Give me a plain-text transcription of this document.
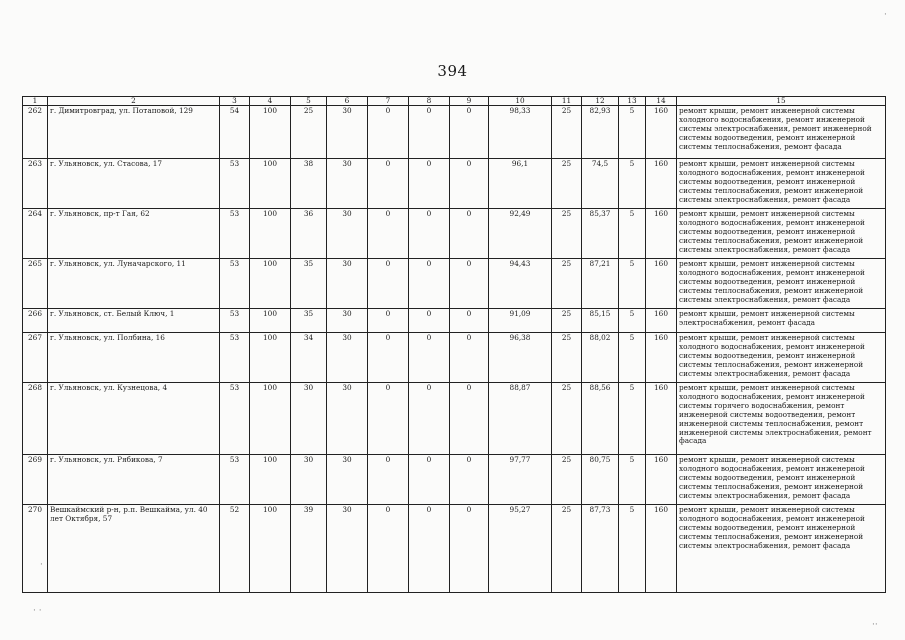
394
·
·
· ·
··
1	2	3	4	5	6	7	8	9	10	11	12	13	14	15
262	г. Димитровград, ул. Потаповой, 129	54	100	25	30	0	0	0	98,33	25	82,93	5	160	ремонт крыши, ремонт инженерной системы холодного водоснабжения, ремонт инженерной системы электроснабжения, ремонт инженерной системы водоотведения, ремонт инженерной системы теплоснабжения, ремонт фасада
263	г. Ульяновск, ул. Стасова, 17	53	100	38	30	0	0	0	96,1	25	74,5	5	160	ремонт крыши, ремонт инженерной системы холодного водоснабжения, ремонт инженерной системы водоотведения, ремонт инженерной системы теплоснабжения, ремонт инженерной системы электроснабжения, ремонт фасада
264	г. Ульяновск, пр-т Гая, 62	53	100	36	30	0	0	0	92,49	25	85,37	5	160	ремонт крыши, ремонт инженерной системы холодного водоснабжения, ремонт инженерной системы водоотведения, ремонт инженерной системы теплоснабжения, ремонт инженерной системы электроснабжения, ремонт фасада
265	г. Ульяновск, ул. Луначарского, 11	53	100	35	30	0	0	0	94,43	25	87,21	5	160	ремонт крыши, ремонт инженерной системы холодного водоснабжения, ремонт инженерной системы водоотведения, ремонт инженерной системы теплоснабжения, ремонт инженерной системы электроснабжения, ремонт фасада
266	г. Ульяновск, ст. Белый Ключ, 1	53	100	35	30	0	0	0	91,09	25	85,15	5	160	ремонт крыши, ремонт инженерной системы электроснабжения, ремонт фасада
267	г. Ульяновск, ул. Полбина, 16	53	100	34	30	0	0	0	96,38	25	88,02	5	160	ремонт крыши, ремонт инженерной системы холодного водоснабжения, ремонт инженерной системы водоотведения, ремонт инженерной системы теплоснабжения, ремонт инженерной системы электроснабжения, ремонт фасада
268	г. Ульяновск, ул. Кузнецова, 4	53	100	30	30	0	0	0	88,87	25	88,56	5	160	ремонт крыши, ремонт инженерной системы холодного водоснабжения, ремонт инженерной системы горячего водоснабжения, ремонт инженерной системы водоотведения, ремонт инженерной системы теплоснабжения, ремонт инженерной системы электроснабжения, ремонт фасада
269	г. Ульяновск, ул. Рябикова, 7	53	100	30	30	0	0	0	97,77	25	80,75	5	160	ремонт крыши, ремонт инженерной системы холодного водоснабжения, ремонт инженерной системы водоотведения, ремонт инженерной системы теплоснабжения, ремонт инженерной системы электроснабжения, ремонт фасада
270	Вешкаймский р-н, р.п. Вешкайма, ул. 40 лет Октября, 57	52	100	39	30	0	0	0	95,27	25	87,73	5	160	ремонт крыши, ремонт инженерной системы холодного водоснабжения, ремонт инженерной системы водоотведения, ремонт инженерной системы теплоснабжения, ремонт инженерной системы электроснабжения, ремонт фасада
